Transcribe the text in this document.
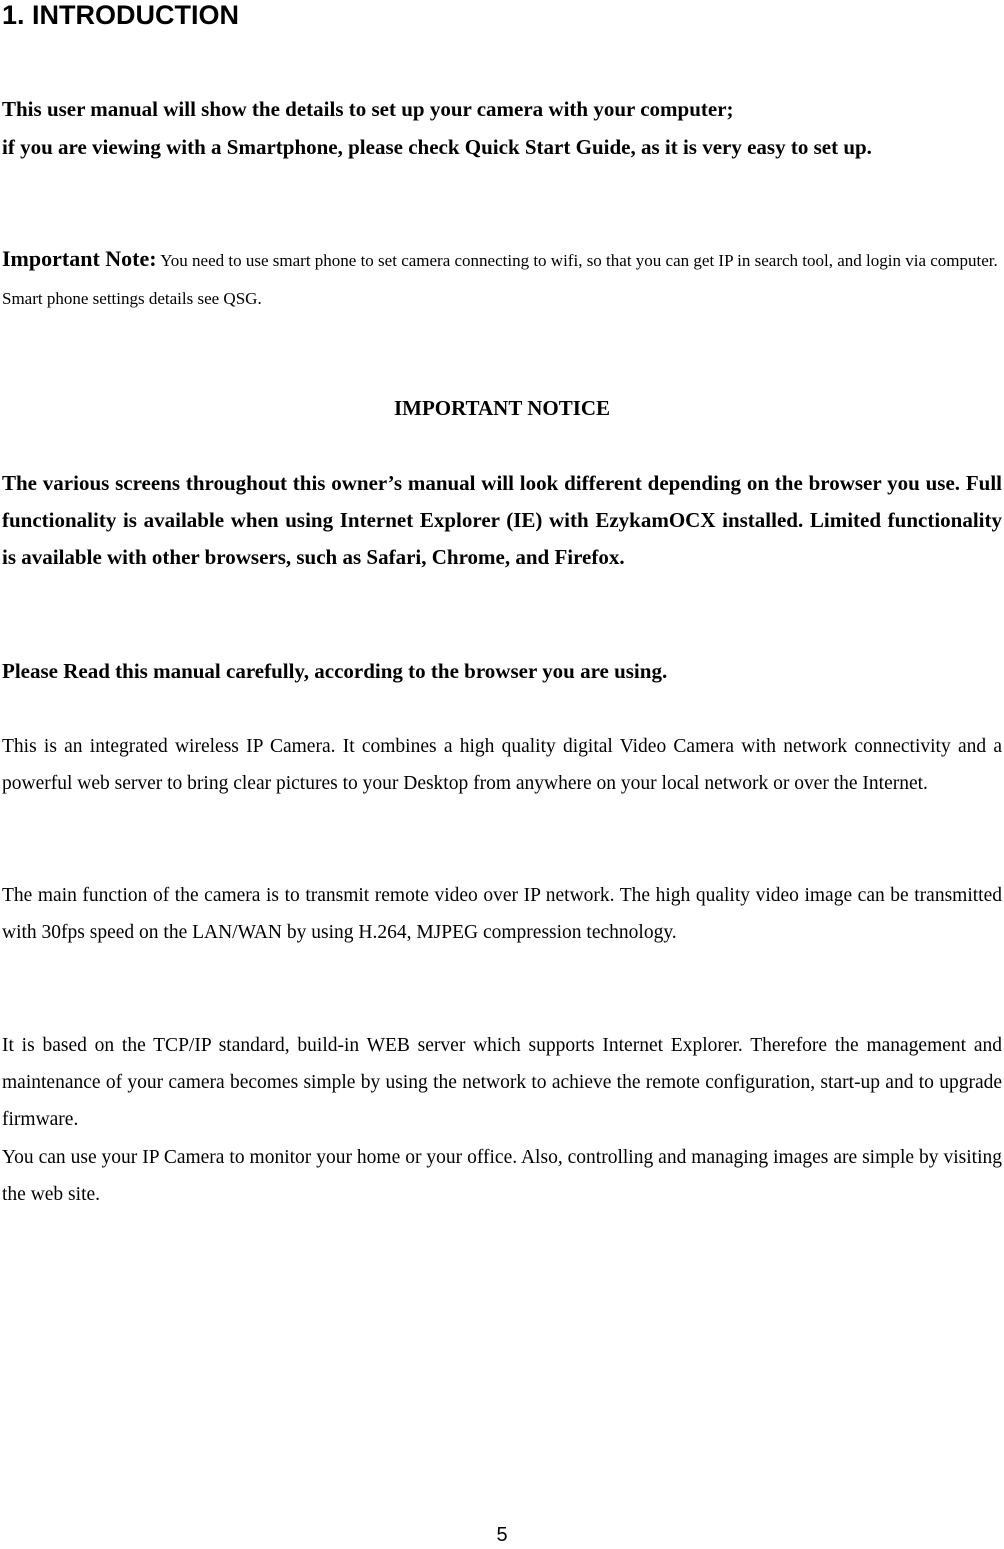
1. INTRODUCTION
This user manual will show the details to set up your camera with your computer;
if you are viewing with a Smartphone, please check Quick Start Guide, as it is very easy to set up.

Important Note: You need to use smart phone to set camera connecting to wifi, so that you can get IP in search tool, and login via computer. Smart phone settings details see QSG.

IMPORTANT NOTICE

The various screens throughout this owner’s manual will look different depending on the browser you use. Full functionality is available when using Internet Explorer (IE) with EzykamOCX installed. Limited functionality is available with other browsers, such as Safari, Chrome, and Firefox.

Please Read this manual carefully, according to the browser you are using.

This is an integrated wireless IP Camera. It combines a high quality digital Video Camera with network connectivity and a powerful web server to bring clear pictures to your Desktop from anywhere on your local network or over the Internet.

The main function of the camera is to transmit remote video over IP network. The high quality video image can be transmitted with 30fps speed on the LAN/WAN by using H.264, MJPEG compression technology.

It is based on the TCP/IP standard, build-in WEB server which supports Internet Explorer. Therefore the management and maintenance of your camera becomes simple by using the network to achieve the remote configuration, start-up and to upgrade firmware.

You can use your IP Camera to monitor your home or your office. Also, controlling and managing images are simple by visiting the web site.

5
